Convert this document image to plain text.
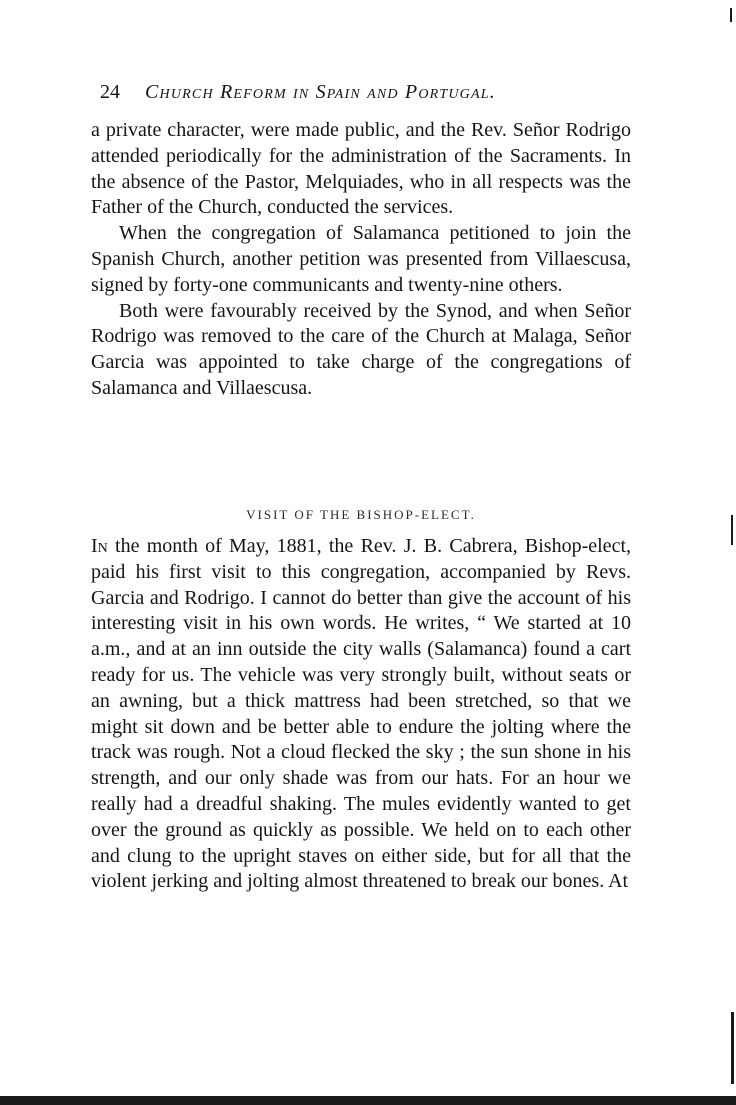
24 Church Reform in Spain and Portugal.

a private character, were made public, and the Rev. Señor Rodrigo attended periodically for the administration of the Sacraments. In the absence of the Pastor, Melquiades, who in all respects was the Father of the Church, conducted the services.

When the congregation of Salamanca petitioned to join the Spanish Church, another petition was presented from Villaescusa, signed by forty-one communicants and twenty-nine others.

Both were favourably received by the Synod, and when Señor Rodrigo was removed to the care of the Church at Malaga, Señor Garcia was appointed to take charge of the congregations of Salamanca and Villaescusa.

VISIT OF THE BISHOP-ELECT.

In the month of May, 1881, the Rev. J. B. Cabrera, Bishop-elect, paid his first visit to this congregation, accompanied by Revs. Garcia and Rodrigo. I cannot do better than give the account of his interesting visit in his own words. He writes, “ We started at 10 a.m., and at an inn outside the city walls (Salamanca) found a cart ready for us. The vehicle was very strongly built, without seats or an awning, but a thick mattress had been stretched, so that we might sit down and be better able to endure the jolting where the track was rough. Not a cloud flecked the sky ; the sun shone in his strength, and our only shade was from our hats. For an hour we really had a dreadful shaking. The mules evidently wanted to get over the ground as quickly as possible. We held on to each other and clung to the upright staves on either side, but for all that the violent jerking and jolting almost threatened to break our bones. At
